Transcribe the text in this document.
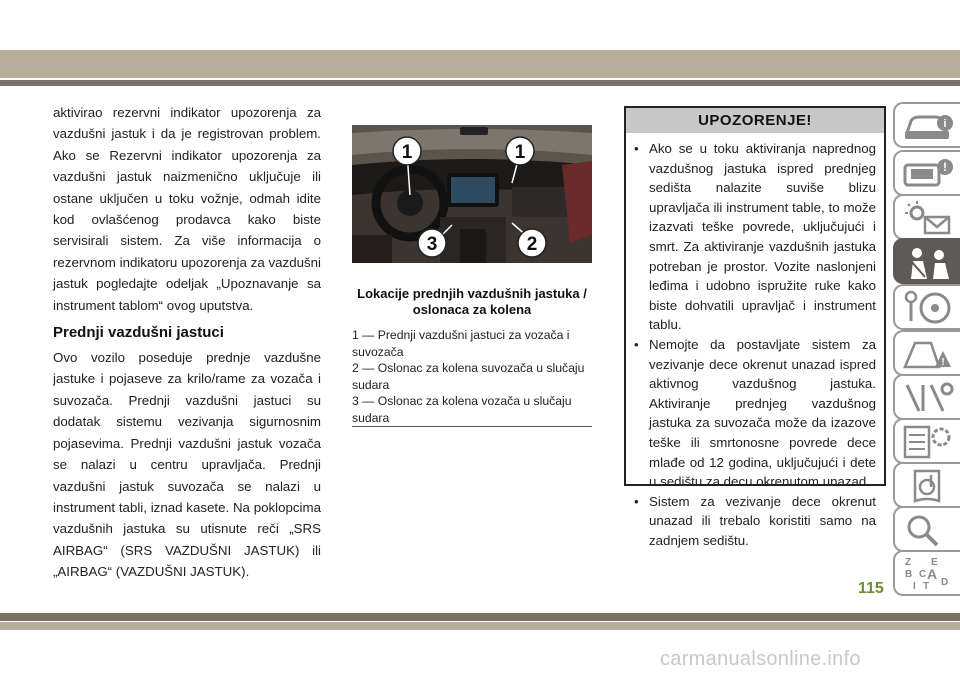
aktivirao rezervni indikator upozorenja za vazdušni jastuk i da je registrovan problem. Ako se Rezervni indikator upozorenja za vazdušni jastuk naizmenično uključuje ili ostane uključen u toku vožnje, odmah idite kod ovlašćenog prodavca kako biste servisirali sistem. Za više informacija o rezervnom indikatoru upozorenja za vazdušni jastuk pogledajte odeljak „Upoznavanje sa instrument tablom“ ovog uputstva.

Prednji vazdušni jastuci

Ovo vozilo poseduje prednje vazdušne jastuke i pojaseve za krilo/rame za vozača i suvozača. Prednji vazdušni jastuci su dodatak sistemu vezivanja sigurnosnim pojasevima. Prednji vazdušni jastuk vozača se nalazi u centru upravljača. Prednji vazdušni jastuk suvozača se nalazi u instrument tabli, iznad kasete. Na poklopcima vazdušnih jastuka su utisnute reči „SRS AIRBAG“ (SRS VAZDUŠNI JASTUK) ili „AIRBAG“ (VAZDUŠNI JASTUK).

1	1
3	2
Lokacije prednjih vazdušnih jastuka / oslonaca za kolena
1 — Prednji vazdušni jastuci za vozača i suvozača
2 — Oslonac za kolena suvozača u slučaju sudara
3 — Oslonac za kolena vozača u slučaju sudara
UPOZORENJE!
• Ako se u toku aktiviranja naprednog vazdušnog jastuka ispred prednjeg sedišta nalazite suviše blizu upravljača ili instrument table, to može izazvati teške povrede, uključujući i smrt. Za aktiviranje vazdušnih jastuka potreban je prostor. Vozite naslonjeni leđima i udobno ispružite ruke kako biste dohvatili upravljač i instrument tablu.
• Nemojte da postavljate sistem za vezivanje dece okrenut unazad ispred aktivnog vazdušnog jastuka. Aktiviranje prednjeg vazdušnog jastuka za suvozača može da izazove teške ili smrtonosne povrede dece mlađe od 12 godina, uključujući i dete u sedištu za decu okrenutom unazad.
• Sistem za vezivanje dece okrenut unazad ili trebalo koristiti samo na zadnjem sedištu.
i
!
!
Z E
B A
I
C
T D
115
carmanualsonline.info
